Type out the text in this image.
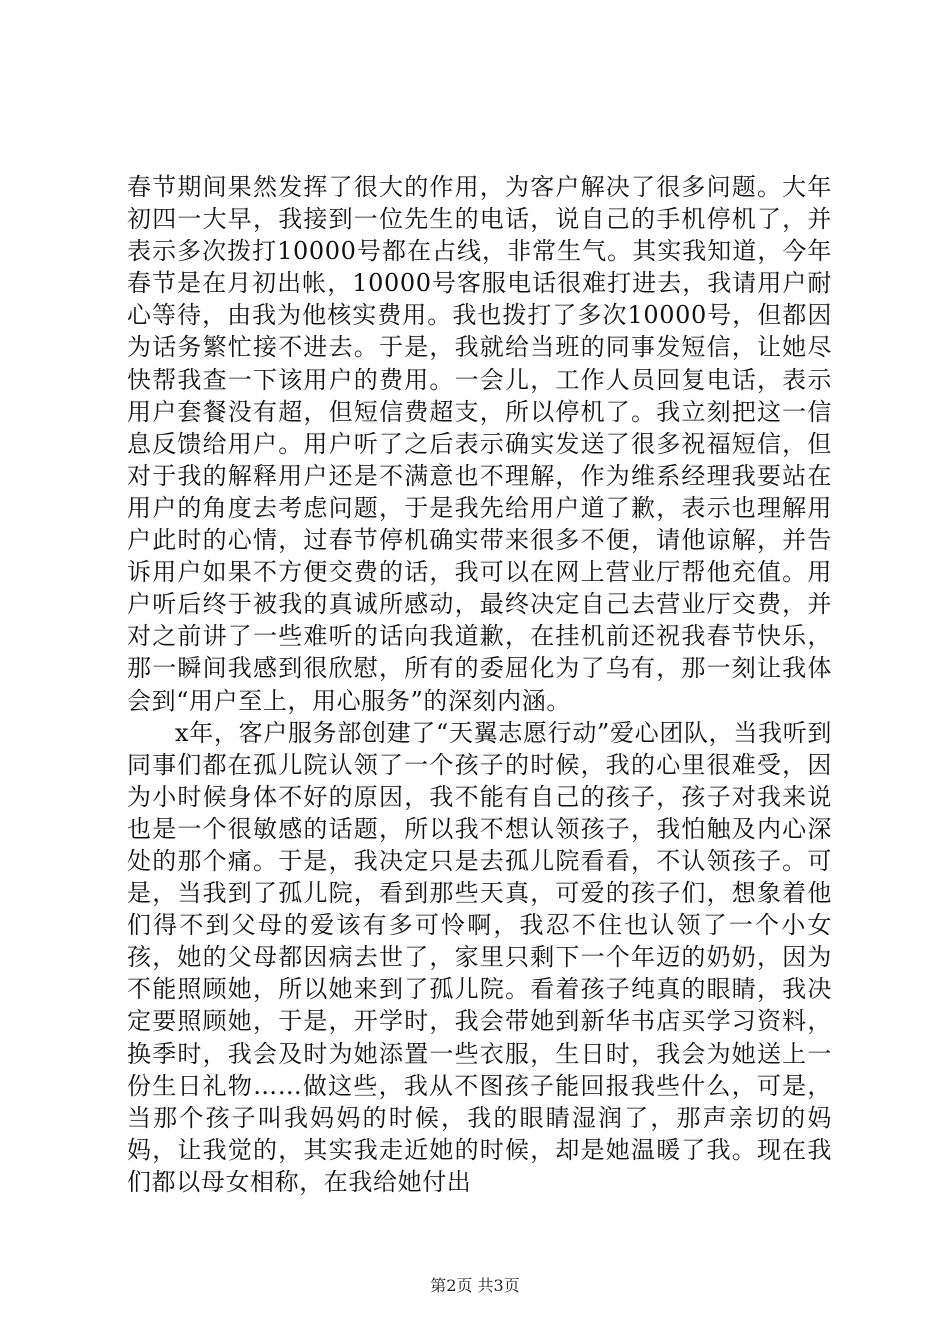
春节期间果然发挥了很大的作用，为客户解决了很多问题。大年初四一大早，我接到一位先生的电话，说自己的手机停机了，并表示多次拨打10000号都在占线，非常生气。其实我知道，今年春节是在月初出帐，10000号客服电话很难打进去，我请用户耐心等待，由我为他核实费用。我也拨打了多次10000号，但都因为话务繁忙接不进去。于是，我就给当班的同事发短信，让她尽快帮我查一下该用户的费用。一会儿，工作人员回复电话，表示用户套餐没有超，但短信费超支，所以停机了。我立刻把这一信息反馈给用户。用户听了之后表示确实发送了很多祝福短信，但对于我的解释用户还是不满意也不理解，作为维系经理我要站在用户的角度去考虑问题，于是我先给用户道了歉，表示也理解用户此时的心情，过春节停机确实带来很多不便，请他谅解，并告诉用户如果不方便交费的话，我可以在网上营业厅帮他充值。用户听后终于被我的真诚所感动，最终决定自己去营业厅交费，并对之前讲了一些难听的话向我道歉，在挂机前还祝我春节快乐，那一瞬间我感到很欣慰，所有的委屈化为了乌有，那一刻让我体会到“用户至上，用心服务”的深刻内涵。

x年，客户服务部创建了“天翼志愿行动”爱心团队，当我听到同事们都在孤儿院认领了一个孩子的时候，我的心里很难受，因为小时候身体不好的原因，我不能有自己的孩子，孩子对我来说也是一个很敏感的话题，所以我不想认领孩子，我怕触及内心深处的那个痛。于是，我决定只是去孤儿院看看，不认领孩子。可是，当我到了孤儿院，看到那些天真，可爱的孩子们，想象着他们得不到父母的爱该有多可怜啊，我忍不住也认领了一个小女孩，她的父母都因病去世了，家里只剩下一个年迈的奶奶，因为不能照顾她，所以她来到了孤儿院。看着孩子纯真的眼睛，我决定要照顾她，于是，开学时，我会带她到新华书店买学习资料，换季时，我会及时为她添置一些衣服，生日时，我会为她送上一份生日礼物……做这些，我从不图孩子能回报我些什么，可是，当那个孩子叫我妈妈的时候，我的眼睛湿润了，那声亲切的妈妈，让我觉的，其实我走近她的时候，却是她温暖了我。现在我们都以母女相称，在我给她付出

第2页 共3页
